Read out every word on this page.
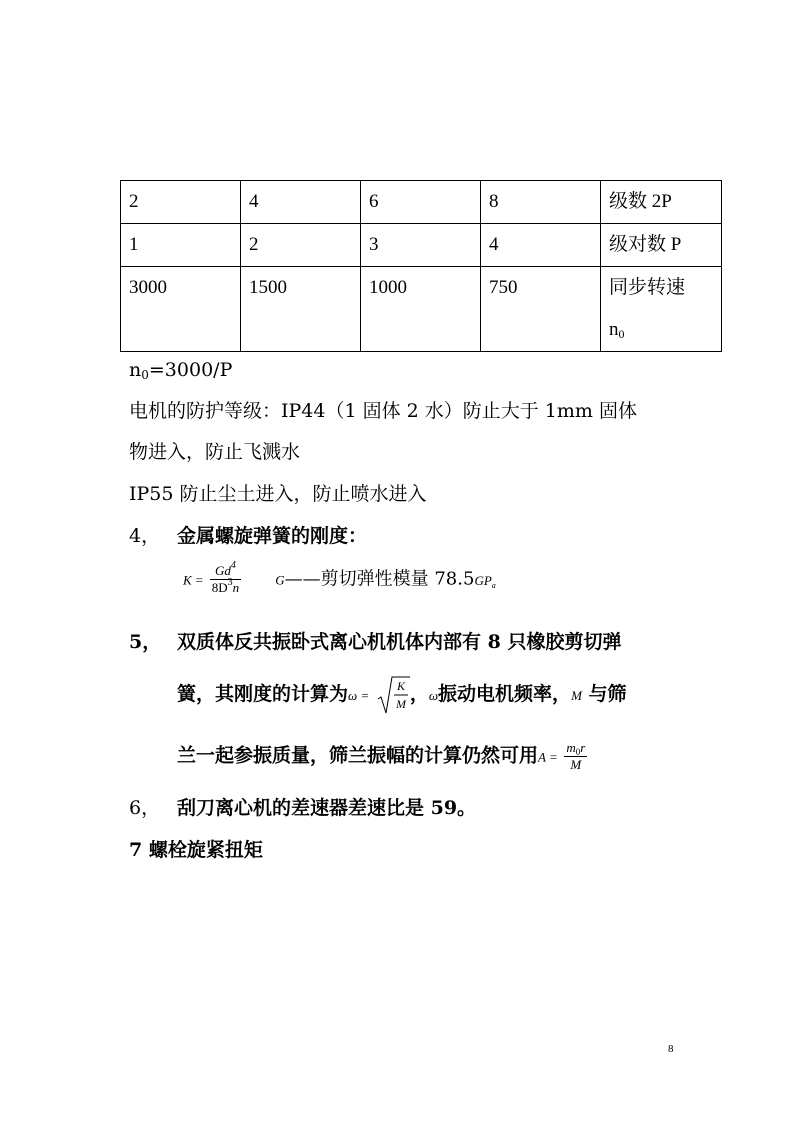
2	4	6	8	级数 2P
1	2	3	4	级对数 P
3000	1500	1000	750	同步转速
$n_0$
$n_0=3000/P$
电机的防护等级：IP44（1 固体 2 水）防止大于 1mm 固体
物进入，防止飞溅水
IP55 防止尘土进入，防止喷水进入
4， 金属螺旋弹簧的刚度：
$K = \frac{Gd^4}{8D^3n}$	G——剪切弹性模量 $78.5GP_a$
5， 双质体反共振卧式离心机机体内部有 8 只橡胶剪切弹
簧，其刚度的计算为ω =
K
M ，ω振动电机频率，M 与筛
兰一起参振质量，筛兰振幅的计算仍然可用$A = \frac{m_0r}{M}$
6， 刮刀离心机的差速器差速比是 59。
7 螺栓旋紧扭矩
8
